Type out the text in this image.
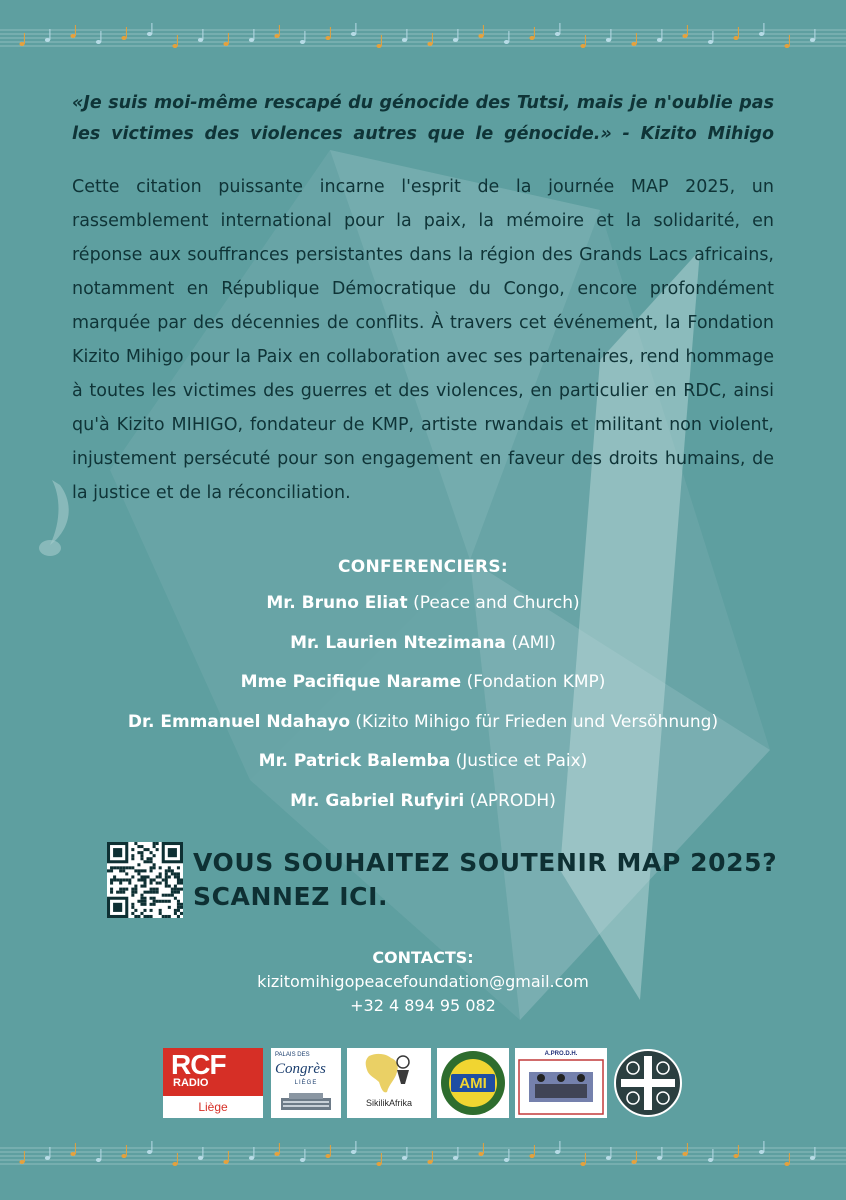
«Je suis moi-même rescapé du génocide des Tutsi, mais je n'oublie pas les victimes des violences autres que le génocide.» - Kizito Mihigo

Cette citation puissante incarne l'esprit de la journée MAP 2025, un rassemblement international pour la paix, la mémoire et la solidarité, en réponse aux souffrances persistantes dans la région des Grands Lacs africains, notamment en République Démocratique du Congo, encore profondément marquée par des décennies de conflits. À travers cet événement, la Fondation Kizito Mihigo pour la Paix en collaboration avec ses partenaires, rend hommage à toutes les victimes des guerres et des violences, en particulier en RDC, ainsi qu'à Kizito MIHIGO, fondateur de KMP, artiste rwandais et militant non violent, injustement persécuté pour son engagement en faveur des droits humains, de la justice et de la réconciliation.

CONFERENCIERS:
Mr. Bruno Eliat (Peace and Church)
Mr. Laurien Ntezimana (AMI)
Mme Pacifique Narame (Fondation KMP)
Dr. Emmanuel Ndahayo (Kizito Mihigo für Frieden und Versöhnung)
Mr. Patrick Balemba (Justice et Paix)
Mr. Gabriel Rufyiri (APRODH)
VOUS SOUHAITEZ SOUTENIR MAP 2025?
SCANNEZ ICI.
CONTACTS:
kizitomihigopeacefoundation@gmail.com
+32 4 894 95 082
RCF
RADIO
Liège
PALAIS DES
Congrès
LIÈGE
SikilikAfrika
AMI
A.PRO.D.H.
